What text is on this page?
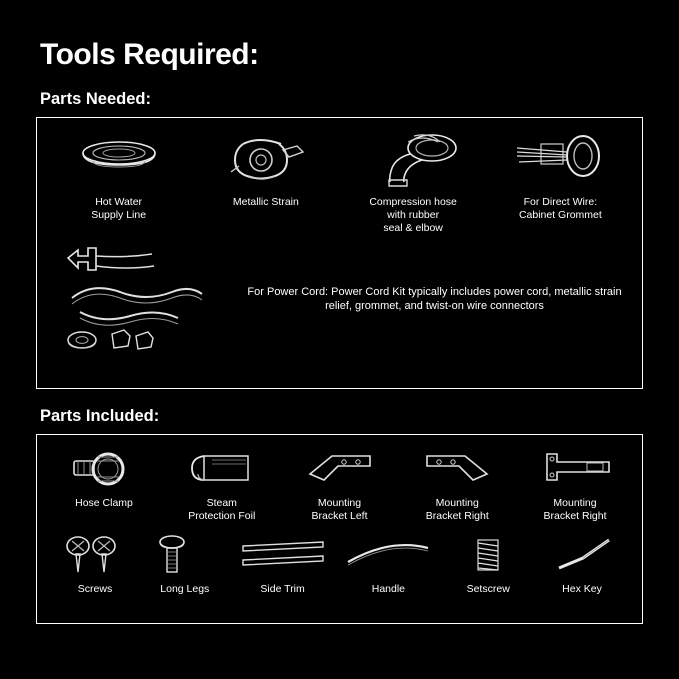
Tools Required:
Parts Needed:
Hot Water
Supply Line
Metallic Strain	Compression hose
with rubber
seal & elbow
For Direct Wire:
Cabinet Grommet
For Power Cord: Power Cord Kit typically includes power cord, metallic strain relief, grommet, and twist-on wire connectors
Parts Included:
Hose Clamp	Steam
Protection Foil
Mounting
Bracket Left
Mounting
Bracket Right
Mounting
Bracket Right
Screws	Long Legs	Side Trim	Handle	Setscrew	Hex Key
